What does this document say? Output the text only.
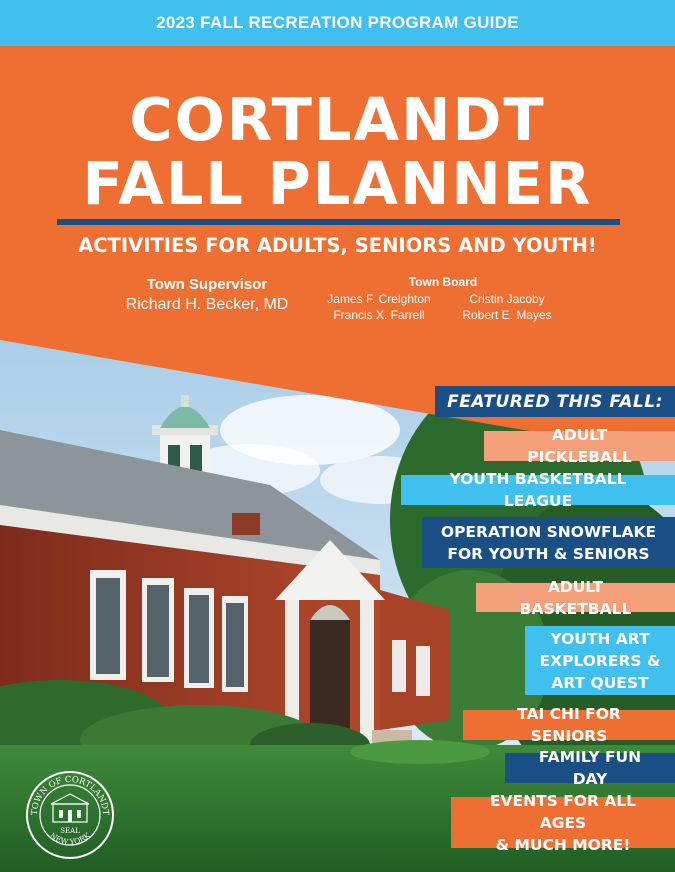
2023 FALL RECREATION PROGRAM GUIDE
CORTLANDT
FALL PLANNER
ACTIVITIES FOR ADULTS, SENIORS AND YOUTH!
Town Supervisor
Richard H. Becker, MD
Town Board
James F. Creighton	Cristin Jacoby
Francis X. Farrell	Robert E. Mayes
FEATURED THIS FALL:
ADULT PICKLEBALL
YOUTH BASKETBALL LEAGUE
OPERATION SNOWFLAKE
FOR YOUTH & SENIORS
ADULT BASKETBALL
YOUTH ART
EXPLORERS &
ART QUEST
TAI CHI FOR SENIORS
FAMILY FUN DAY
EVENTS FOR ALL AGES
& MUCH MORE!
TOWN OF CORTLANDT
NEW YORK
SEAL
